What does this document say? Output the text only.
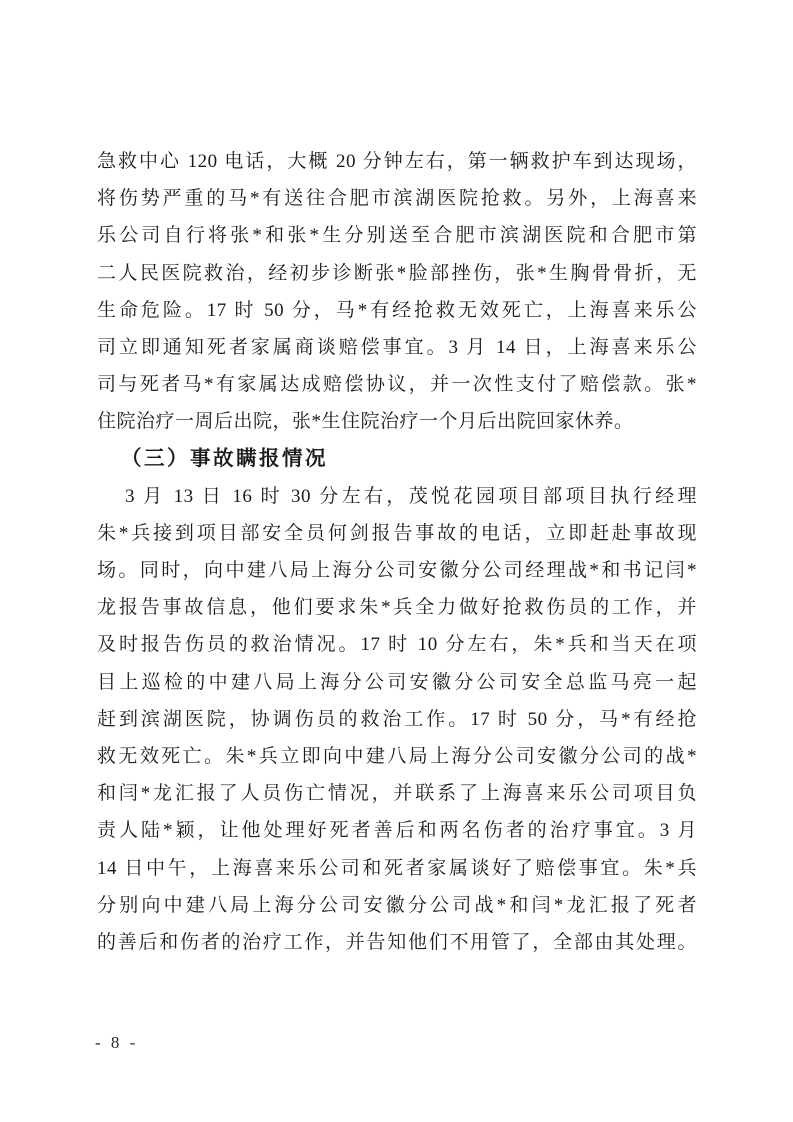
急救中心 120 电话，大概 20 分钟左右，第一辆救护车到达现场，
将伤势严重的马*有送往合肥市滨湖医院抢救。另外，上海喜来
乐公司自行将张*和张*生分别送至合肥市滨湖医院和合肥市第
二人民医院救治，经初步诊断张*脸部挫伤，张*生胸骨骨折，无
生命危险。17 时 50 分，马*有经抢救无效死亡，上海喜来乐公
司立即通知死者家属商谈赔偿事宜。3 月 14 日，上海喜来乐公
司与死者马*有家属达成赔偿协议，并一次性支付了赔偿款。张*
住院治疗一周后出院，张*生住院治疗一个月后出院回家休养。
（三）事故瞒报情况
3 月 13 日 16 时 30 分左右，茂悦花园项目部项目执行经理
朱*兵接到项目部安全员何剑报告事故的电话，立即赶赴事故现
场。同时，向中建八局上海分公司安徽分公司经理战*和书记闫*
龙报告事故信息，他们要求朱*兵全力做好抢救伤员的工作，并
及时报告伤员的救治情况。17 时 10 分左右，朱*兵和当天在项
目上巡检的中建八局上海分公司安徽分公司安全总监马亮一起
赶到滨湖医院，协调伤员的救治工作。17 时 50 分，马*有经抢
救无效死亡。朱*兵立即向中建八局上海分公司安徽分公司的战*
和闫*龙汇报了人员伤亡情况，并联系了上海喜来乐公司项目负
责人陆*颖，让他处理好死者善后和两名伤者的治疗事宜。3 月
14 日中午，上海喜来乐公司和死者家属谈好了赔偿事宜。朱*兵
分别向中建八局上海分公司安徽分公司战*和闫*龙汇报了死者
的善后和伤者的治疗工作，并告知他们不用管了，全部由其处理。
- 8 -
